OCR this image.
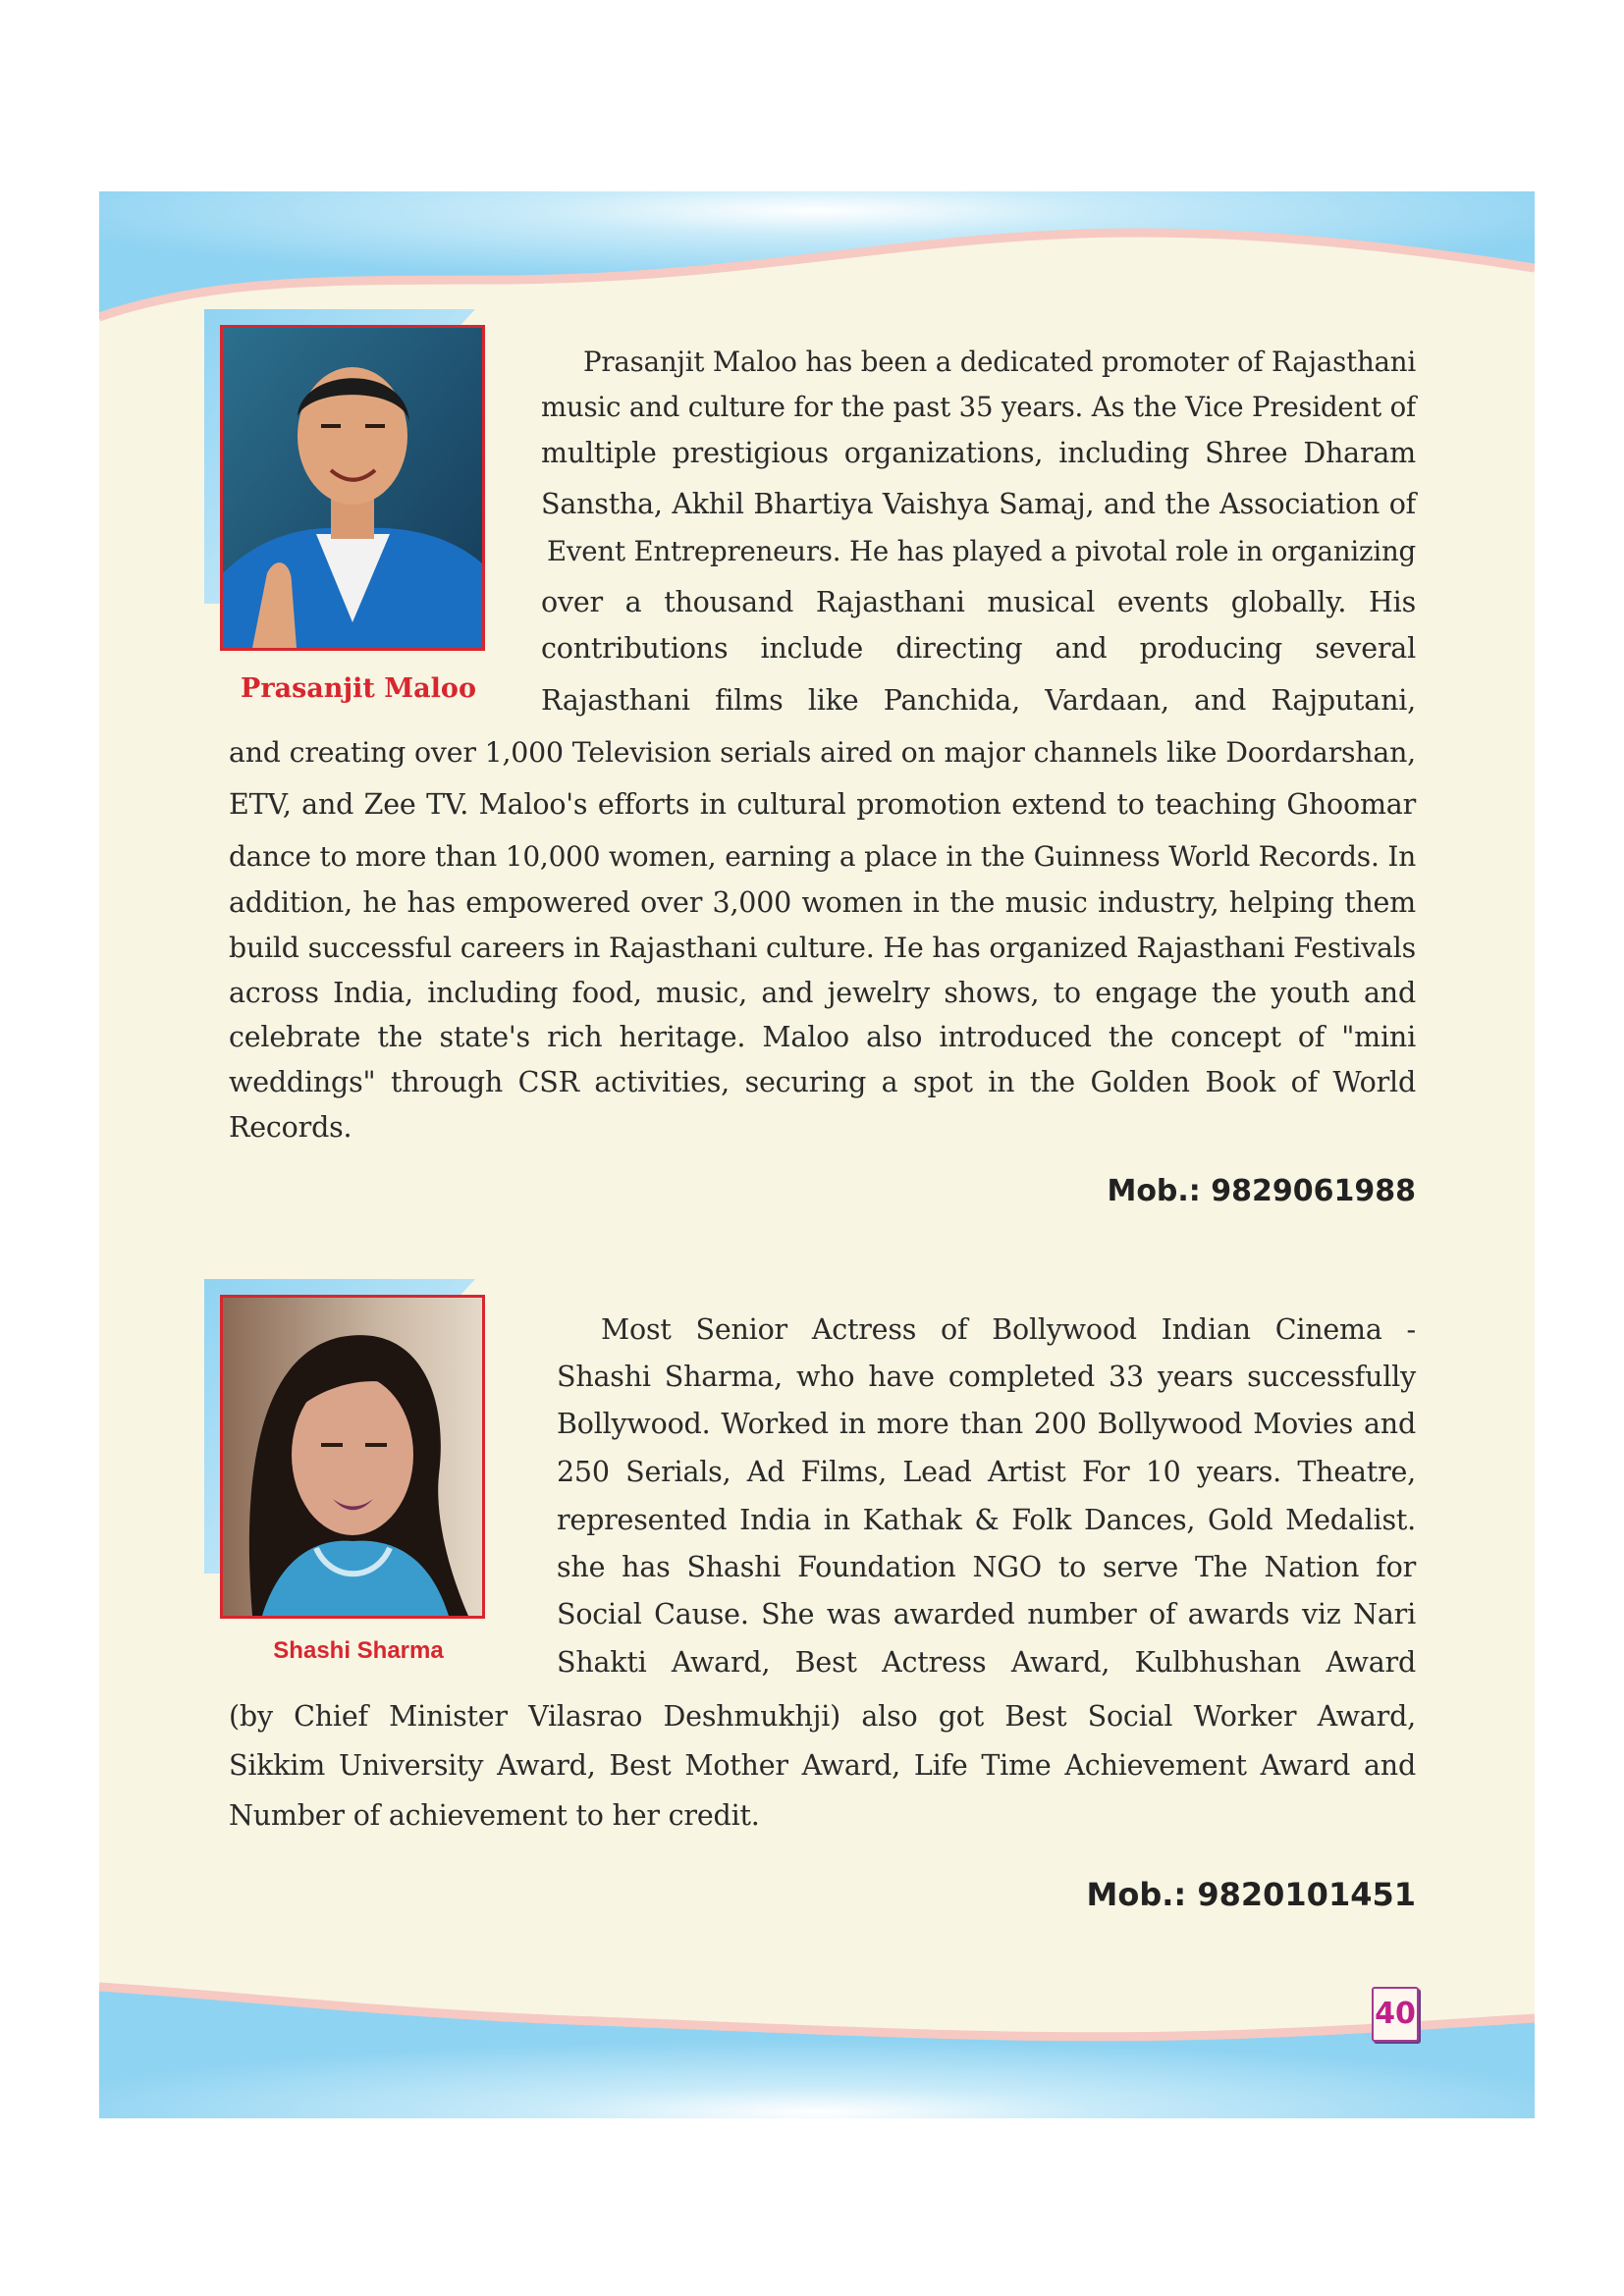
Prasanjit Maloo
Prasanjit Maloo has been a dedicated promoter of Rajasthani
music and culture for the past 35 years. As the Vice President of
multiple prestigious organizations, including Shree Dharam
Sanstha, Akhil Bhartiya Vaishya Samaj, and the Association of
Event Entrepreneurs. He has played a pivotal role in organizing
over a thousand Rajasthani musical events globally. His
contributions include directing and producing several
Rajasthani films like Panchida, Vardaan, and Rajputani,
and creating over 1,000 Television serials aired on major channels like Doordarshan,
ETV, and Zee TV. Maloo's efforts in cultural promotion extend to teaching Ghoomar
dance to more than 10,000 women, earning a place in the Guinness World Records. In
addition, he has empowered over 3,000 women in the music industry, helping them
build successful careers in Rajasthani culture. He has organized Rajasthani Festivals
across India, including food, music, and jewelry shows, to engage the youth and
celebrate the state's rich heritage. Maloo also introduced the concept of "mini
weddings" through CSR activities, securing a spot in the Golden Book of World
Records.
Mob.: 9829061988
Shashi Sharma
Most Senior Actress of Bollywood Indian Cinema -
Shashi Sharma, who have completed 33 years successfully
Bollywood. Worked in more than 200 Bollywood Movies and
250 Serials, Ad Films, Lead Artist For 10 years. Theatre,
represented India in Kathak & Folk Dances, Gold Medalist.
she has Shashi Foundation NGO to serve The Nation for
Social Cause. She was awarded number of awards viz Nari
Shakti Award, Best Actress Award, Kulbhushan Award
(by Chief Minister Vilasrao Deshmukhji) also got Best Social Worker Award,
Sikkim University Award, Best Mother Award, Life Time Achievement Award and
Number of achievement to her credit.
Mob.: 9820101451
40
